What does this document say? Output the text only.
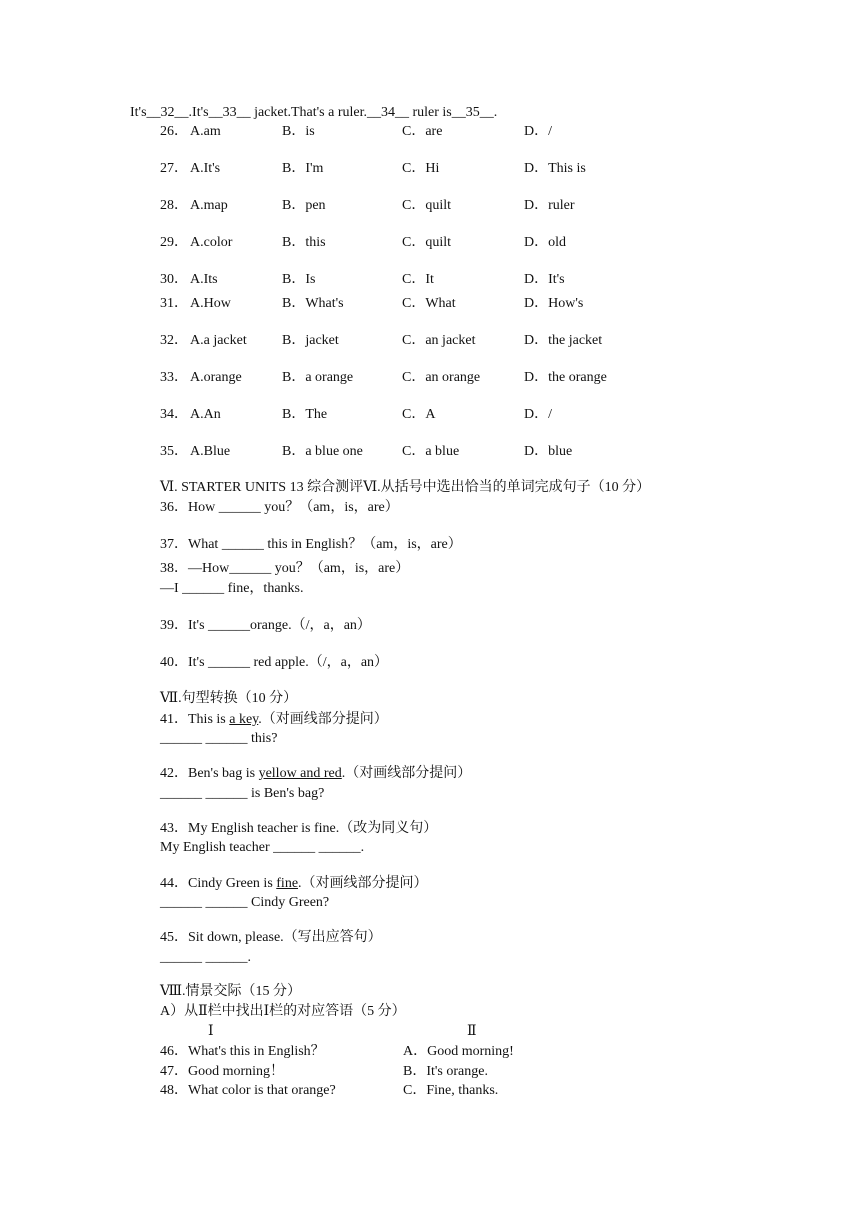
It's__32__.It's__33__ jacket.That's a ruler.__34__ ruler is__35__.
26． A.am	B．is	C．are	D．/
27． A.It's	B．I'm	C．Hi	D．This is
28． A.map	B．pen	C．quilt	D．ruler
29． A.color	B．this	C．quilt	D．old
30． A.Its	B．Is	C．It	D．It's
31． A.How	B．What's	C．What	D．How's
32． A.a jacket	B．jacket	C．an jacket	D．the jacket
33． A.orange	B．a orange	C．an orange	D．the orange
34． A.An	B．The	C．A	D．/
35． A.Blue	B．a blue one	C．a blue	D．blue
Ⅵ. STARTER UNITS 13 综合测评Ⅵ.从括号中选出恰当的单词完成句子（10 分）
36．How ______ you？（am，is，are）
37．What ______ this in English？（am，is，are）
38．—How______ you？（am，is，are）
—I ______ fine，thanks.
39．It's ______orange.（/，a，an）
40．It's ______ red apple.（/，a，an）
Ⅶ.句型转换（10 分）
41．This is a key.（对画线部分提问）
______ ______ this?
42．Ben's bag is yellow and red.（对画线部分提问）
______ ______ is Ben's bag?
43．My English teacher is fine.（改为同义句）
My English teacher ______ ______.
44．Cindy Green is fine.（对画线部分提问）
______ ______ Cindy Green?
45．Sit down, please.（写出应答句）
______ ______.
Ⅷ.情景交际（15 分）
A）从Ⅱ栏中找出Ⅰ栏的对应答语（5 分）
Ⅰ	Ⅱ
46．What's this in English？	A．Good morning!
47．Good morning！	B．It's orange.
48．What color is that orange?	C．Fine, thanks.
